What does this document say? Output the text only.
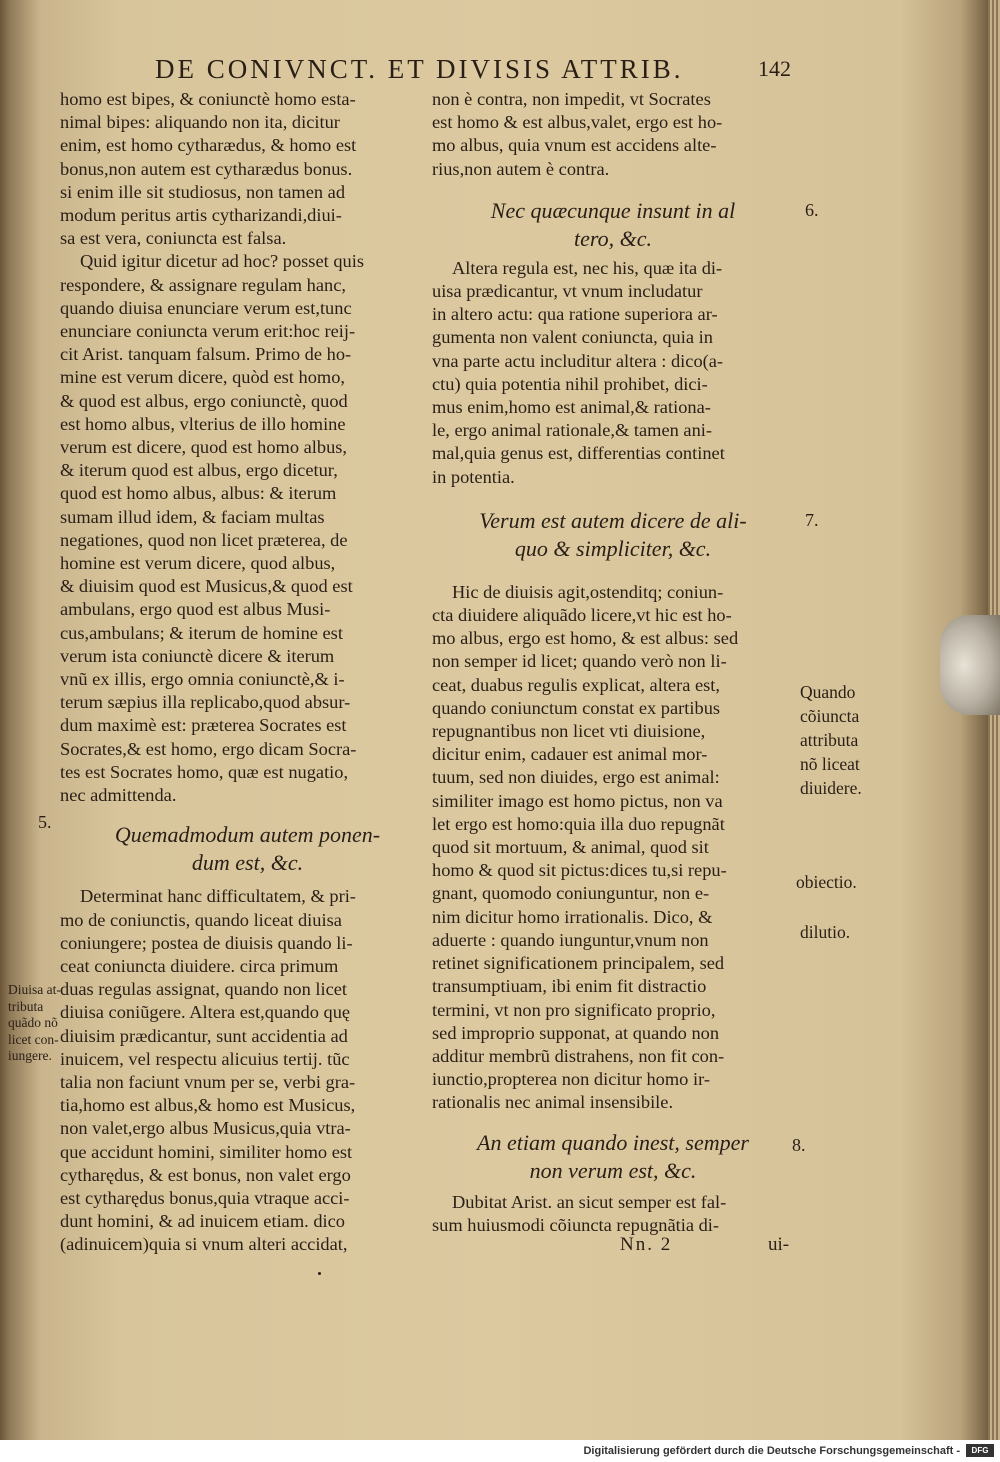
DE CONIVNCT. ET DIVISIS ATTRIB.	142
homo est bipes, & coniunctè homo esta-
nimal bipes: aliquando non ita, dicitur
enim, est homo cytharædus, & homo est
bonus,non autem est cytharædus bonus.
si enim ille sit studiosus, non tamen ad
modum peritus artis cytharizandi,diui-
sa est vera, coniuncta est falsa.
Quid igitur dicetur ad hoc? posset quis
respondere, & assignare regulam hanc,
quando diuisa enunciare verum est,tunc
enunciare coniuncta verum erit:hoc reij-
cit Arist. tanquam falsum. Primo de ho-
mine est verum dicere, quòd est homo,
& quod est albus, ergo coniunctè, quod
est homo albus, vlterius de illo homine
verum est dicere, quod est homo albus,
& iterum quod est albus, ergo dicetur,
quod est homo albus, albus: & iterum
sumam illud idem, & faciam multas
negationes, quod non licet præterea, de
homine est verum dicere, quod albus,
& diuisim quod est Musicus,& quod est
ambulans, ergo quod est albus Musi-
cus,ambulans; & iterum de homine est
verum ista coniunctè dicere & iterum
vnũ ex illis, ergo omnia coniunctè,& i-
terum sæpius illa replicabo,quod absur-
dum maximè est: præterea Socrates est
Socrates,& est homo, ergo dicam Socra-
tes est Socrates homo, quæ est nugatio,
nec admittenda.
Quemadmodum autem ponen-
dum est, &c.
Determinat hanc difficultatem, & pri-
mo de coniunctis, quando liceat diuisa
coniungere; postea de diuisis quando li-
ceat coniuncta diuidere. circa primum
duas regulas assignat, quando non licet
diuisa coniũgere. Altera est,quando quę
diuisim prædicantur, sunt accidentia ad
inuicem, vel respectu alicuius tertij. tũc
talia non faciunt vnum per se, verbi gra-
tia,homo est albus,& homo est Musicus,
non valet,ergo albus Musicus,quia vtra-
que accidunt homini, similiter homo est
cytharędus, & est bonus, non valet ergo
est cytharędus bonus,quia vtraque acci-
dunt homini, & ad inuicem etiam. dico
(adinuicem)quia si vnum alteri accidat,
5.
Diuisa at-
tributa
quãdo nõ
licet con-
iungere.
non è contra, non impedit, vt Socrates
est homo & est albus,valet, ergo est ho-
mo albus, quia vnum est accidens alte-
rius,non autem è contra.
Nec quæcunque insunt in al
tero, &c.
Altera regula est, nec his, quæ ita di-
uisa prædicantur, vt vnum includatur
in altero actu: qua ratione superiora ar-
gumenta non valent coniuncta, quia in
vna parte actu includitur altera : dico(a-
ctu) quia potentia nihil prohibet, dici-
mus enim,homo est animal,& rationa-
le, ergo animal rationale,& tamen ani-
mal,quia genus est, differentias continet
in potentia.
Verum est autem dicere de ali-
quo & simpliciter, &c.
Hic de diuisis agit,ostenditq; coniun-
cta diuidere aliquãdo licere,vt hic est ho-
mo albus, ergo est homo, & est albus: sed
non semper id licet; quando verò non li-
ceat, duabus regulis explicat, altera est,
quando coniunctum constat ex partibus
repugnantibus non licet vti diuisione,
dicitur enim, cadauer est animal mor-
tuum, sed non diuides, ergo est animal:
similiter imago est homo pictus, non va
let ergo est homo:quia illa duo repugnãt
quod sit mortuum, & animal, quod sit
homo & quod sit pictus:dices tu,si repu-
gnant, quomodo coniunguntur, non e-
nim dicitur homo irrationalis. Dico, &
aduerte : quando iunguntur,vnum non
retinet significationem principalem, sed
transumptiuam, ibi enim fit distractio
termini, vt non pro significato proprio,
sed improprio supponat, at quando non
additur membrũ distrahens, non fit con-
iunctio,propterea non dicitur homo ir-
rationalis nec animal insensibile.
An etiam quando inest, semper
non verum est, &c.
Dubitat Arist. an sicut semper est fal-
sum huiusmodi cõiuncta repugnãtia di-
6.
7.
8.
Quando
cõiuncta
attributa
nõ liceat
diuidere.
obiectio.
dilutio.
Nn. 2	ui-
Digitalisierung gefördert durch die Deutsche Forschungsgemeinschaft -	DFG
